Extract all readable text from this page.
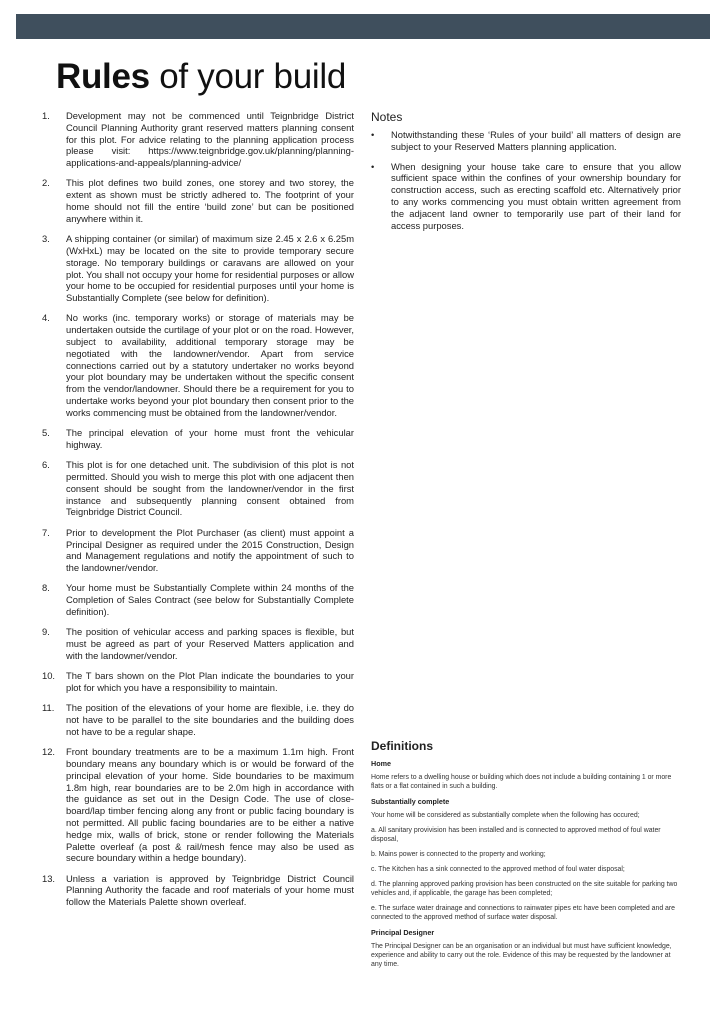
Rules of your build
1. Development may not be commenced until Teignbridge District Council Planning Authority grant reserved matters planning consent for this plot. For advice relating to the planning application process please visit: https://www.teignbridge.gov.uk/planning/planning-applications-and-appeals/planning-advice/
2. This plot defines two build zones, one storey and two storey, the extent as shown must be strictly adhered to. The footprint of your home should not fill the entire ‘build zone’ but can be positioned anywhere within it.
3. A shipping container (or similar) of maximum size 2.45 x 2.6 x 6.25m (WxHxL) may be located on the site to provide temporary secure storage. No temporary buildings or caravans are allowed on your plot. You shall not occupy your home for residential purposes or allow your home to be occupied for residential purposes until your home is Substantially Complete (see below for definition).
4. No works (inc. temporary works) or storage of materials may be undertaken outside the curtilage of your plot or on the road. However, subject to availability, additional temporary storage may be negotiated with the landowner/vendor. Apart from service connections carried out by a statutory undertaker no works beyond your plot boundary may be undertaken without the specific consent from the vendor/landowner. Should there be a requirement for you to undertake works beyond your plot boundary then consent prior to the works commencing must be obtained from the landowner/vendor.
5. The principal elevation of your home must front the vehicular highway.
6. This plot is for one detached unit. The subdivision of this plot is not permitted. Should you wish to merge this plot with one adjacent then consent should be sought from the landowner/vendor in the first instance and subsequently planning consent obtained from Teignbridge District Council.
7. Prior to development the Plot Purchaser (as client) must appoint a Principal Designer as required under the 2015 Construction, Design and Management regulations and notify the appointment of such to the landowner/vendor.
8. Your home must be Substantially Complete within 24 months of the Completion of Sales Contract (see below for Substantially Complete definition).
9. The position of vehicular access and parking spaces is flexible, but must be agreed as part of your Reserved Matters application and with the landowner/vendor.
10. The T bars shown on the Plot Plan indicate the boundaries to your plot for which you have a responsibility to maintain.
11. The position of the elevations of your home are flexible, i.e. they do not have to be parallel to the site boundaries and the building does not have to be a regular shape.
12. Front boundary treatments are to be a maximum 1.1m high. Front boundary means any boundary which is or would be forward of the principal elevation of your home. Side boundaries to be maximum 1.8m high, rear boundaries are to be 2.0m high in accordance with the guidance as set out in the Design Code. The use of close-board/lap timber fencing along any front or public facing boundary is not permitted. All public facing boundaries are to be either a native hedge mix, walls of brick, stone or render following the Materials Palette overleaf (a post & rail/mesh fence may also be used as secure boundary within a hedge boundary).
13. Unless a variation is approved by Teignbridge District Council Planning Authority the facade and roof materials of your home must follow the Materials Palette shown overleaf.
Notes
• Notwithstanding these ‘Rules of your build’ all matters of design are subject to your Reserved Matters planning application.
• When designing your house take care to ensure that you allow sufficient space within the confines of your ownership boundary for construction access, such as erecting scaffold etc. Alternatively prior to any works commencing you must obtain written agreement from the adjacent land owner to temporarily use part of their land for access purposes.
Definitions

Home

Home refers to a dwelling house or building which does not include a building containing 1 or more flats or a flat contained in such a building.

Substantially complete

Your home will be considered as substantially complete when the following has occured;

a. All sanitary provivision has been installed and is connected to approved method of foul water disposal,

b. Mains power is connected to the property and working;

c. The Kitchen has a sink connected to the approved method of foul water disposal;

d. The planning approved parking provision has been constructed on the site suitable for parking two vehicles and, if applicable, the garage has been completed;

e. The surface water drainage and connections to rainwater pipes etc have been completed and are connected to the approved method of surface water disposal.

Principal Designer

The Principal Designer can be an organisation or an individual but must have sufficient knowledge, experience and ability to carry out the role. Evidence of this may be requested by the landowner at any time.
